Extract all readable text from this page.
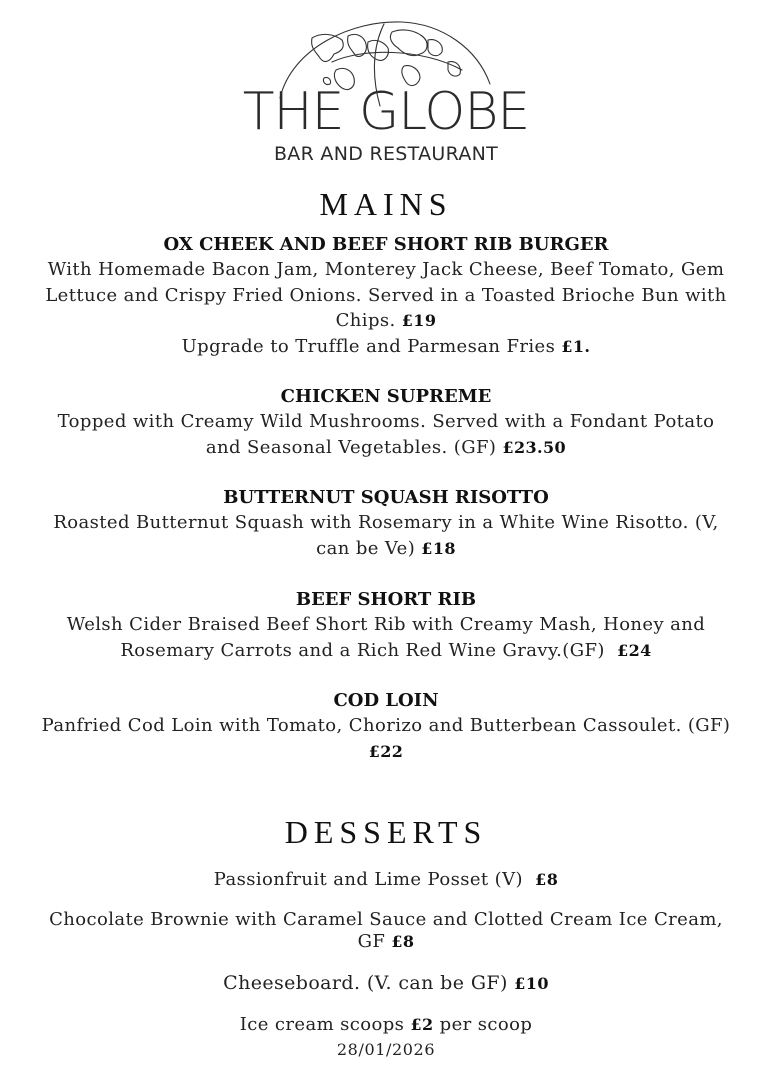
THE GLOBE
BAR AND RESTAURANT
MAINS
OX CHEEK AND BEEF SHORT RIB BURGER
With Homemade Bacon Jam, Monterey Jack Cheese, Beef Tomato, Gem Lettuce and Crispy Fried Onions. Served in a Toasted Brioche Bun with Chips. £19
Upgrade to Truffle and Parmesan Fries £1.
CHICKEN SUPREME
Topped with Creamy Wild Mushrooms. Served with a Fondant Potato and Seasonal Vegetables. (GF) £23.50
BUTTERNUT SQUASH RISOTTO
Roasted Butternut Squash with Rosemary in a White Wine Risotto. (V, can be Ve) £18
BEEF SHORT RIB
Welsh Cider Braised Beef Short Rib with Creamy Mash, Honey and Rosemary Carrots and a Rich Red Wine Gravy.(GF) £24
COD LOIN
Panfried Cod Loin with Tomato, Chorizo and Butterbean Cassoulet. (GF) £22
DESSERTS
Passionfruit and Lime Posset (V) £8
Chocolate Brownie with Caramel Sauce and Clotted Cream Ice Cream, GF £8
Cheeseboard. (V. can be GF) £10
Ice cream scoops £2 per scoop
28/01/2026
